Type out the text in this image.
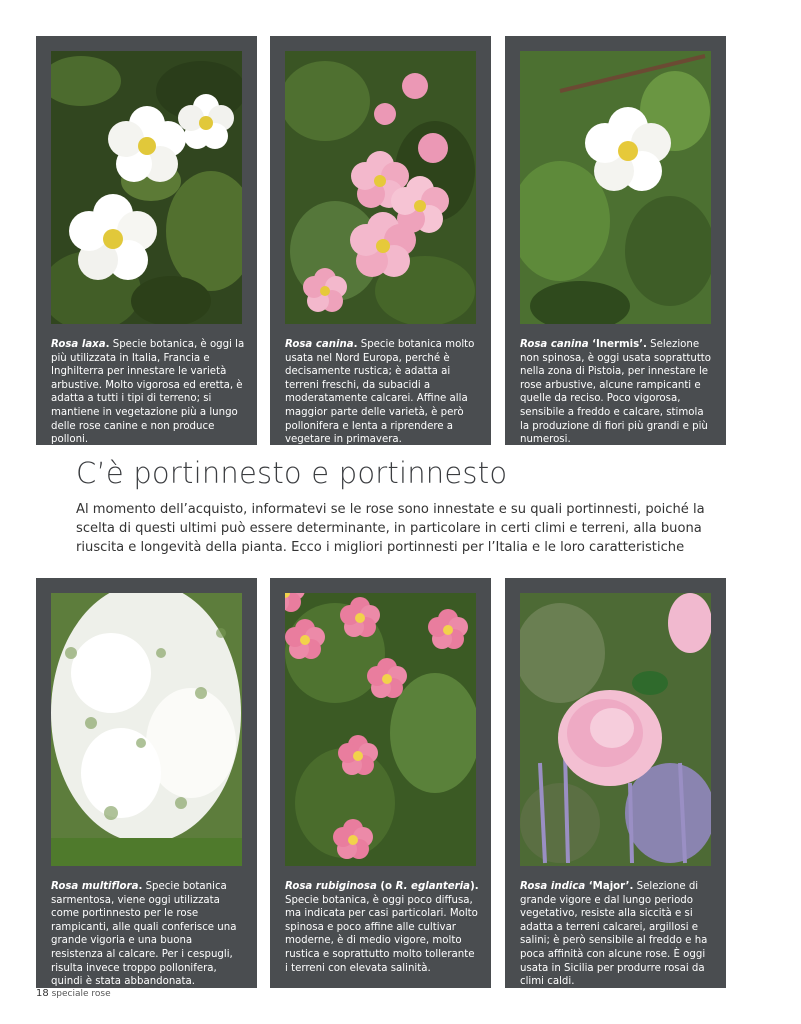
Rosa laxa. Specie botanica, è oggi la più utilizzata in Italia, Francia e Inghilterra per innestare le varietà arbustive. Molto vigorosa ed eretta, è adatta a tutti i tipi di terreno; si mantiene in vegetazione più a lungo delle rose canine e non produce polloni.
Rosa canina. Specie botanica molto usata nel Nord Europa, perché è decisamente rustica; è adatta ai terreni freschi, da subacidi a moderatamente calcarei. Affine alla maggior parte delle varietà, è però pollonifera e lenta a riprendere a vegetare in primavera.
Rosa canina ‘Inermis’. Selezione non spinosa, è oggi usata soprattutto nella zona di Pistoia, per innestare le rose arbustive, alcune rampicanti e quelle da reciso. Poco vigorosa, sensibile a freddo e calcare, stimola la produzione di fiori più grandi e più numerosi.
C’è portinnesto e portinnesto
Al momento dell’acquisto, informatevi se le rose sono innestate e su quali portinnesti, poiché la scelta di questi ultimi può essere determinante, in particolare in certi climi e terreni, alla buona riuscita e longevità della pianta. Ecco i migliori portinnesti per l’Italia e le loro caratteristiche
Rosa multiflora. Specie botanica sarmentosa, viene oggi utilizzata come portinnesto per le rose rampicanti, alle quali conferisce una grande vigoria e una buona resistenza al calcare. Per i cespugli, risulta invece troppo pollonifera, quindi è stata abbandonata.
Rosa rubiginosa (o R. eglanteria). Specie botanica, è oggi poco diffusa, ma indicata per casi particolari. Molto spinosa e poco affine alle cultivar moderne, è di medio vigore, molto rustica e soprattutto molto tollerante i terreni con elevata salinità.
Rosa indica ‘Major’. Selezione di grande vigore e dal lungo periodo vegetativo, resiste alla siccità e si adatta a terreni calcarei, argillosi e salini; è però sensibile al freddo e ha poca affinità con alcune rose. È oggi usata in Sicilia per produrre rosai da climi caldi.
18 speciale rose
